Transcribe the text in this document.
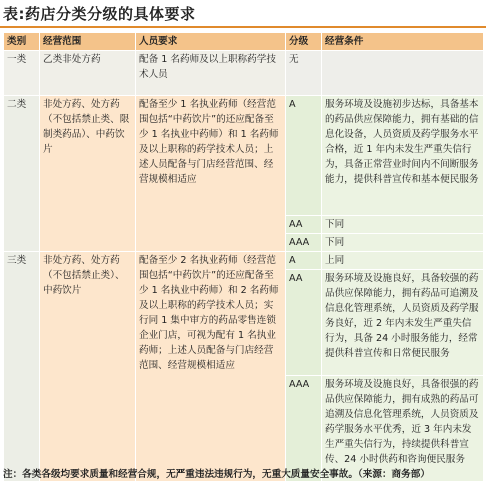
表:药店分类分级的具体要求
类别	经营范围	人员要求	分级	经营条件
一类	乙类非处方药	配备 1 名药师及以上职称药学技术人员	无	
二类	非处方药、处方药（不包括禁止类、限制类药品）、中药饮片	配备至少 1 名执业药师（经营范围包括“中药饮片”的还应配备至少 1 名执业中药师）和 1 名药师及以上职称的药学技术人员；上述人员配备与门店经营范围、经营规模相适应	A	服务环境及设施初步达标，具备基本的药品供应保障能力，拥有基础的信息化设备，人员资质及药学服务水平合格，近 1 年内未发生严重失信行为，具备正常营业时间内不间断服务能力，提供科普宣传和基本便民服务
			AA	下同
			AAA	下同
三类	非处方药、处方药（不包括禁止类）、中药饮片	配备至少 2 名执业药师（经营范围包括“中药饮片”的还应配备至少 1 名执业中药师）和 2 名药师及以上职称的药学技术人员；实行同 1 集中审方的药品零售连锁企业门店，可视为配有 1 名执业药师；上述人员配备与门店经营范围、经营规模相适应	A	上同
			AA	服务环境及设施良好，具备较强的药品供应保障能力，拥有药品可追溯及信息化管理系统，人员资质及药学服务良好，近 2 年内未发生严重失信行为，具备 24 小时服务能力，经常提供科普宣传和日常便民服务
			AAA	服务环境及设施良好，具备很强的药品供应保障能力，拥有成熟的药品可追溯及信息化管理系统，人员资质及药学服务水平优秀，近 3 年内未发生严重失信行为，持续提供科普宣传、24 小时供药和咨询便民服务
注：各类各级均要求质量和经营合规，无严重违法违规行为，无重大质量安全事故。（来源：商务部）
